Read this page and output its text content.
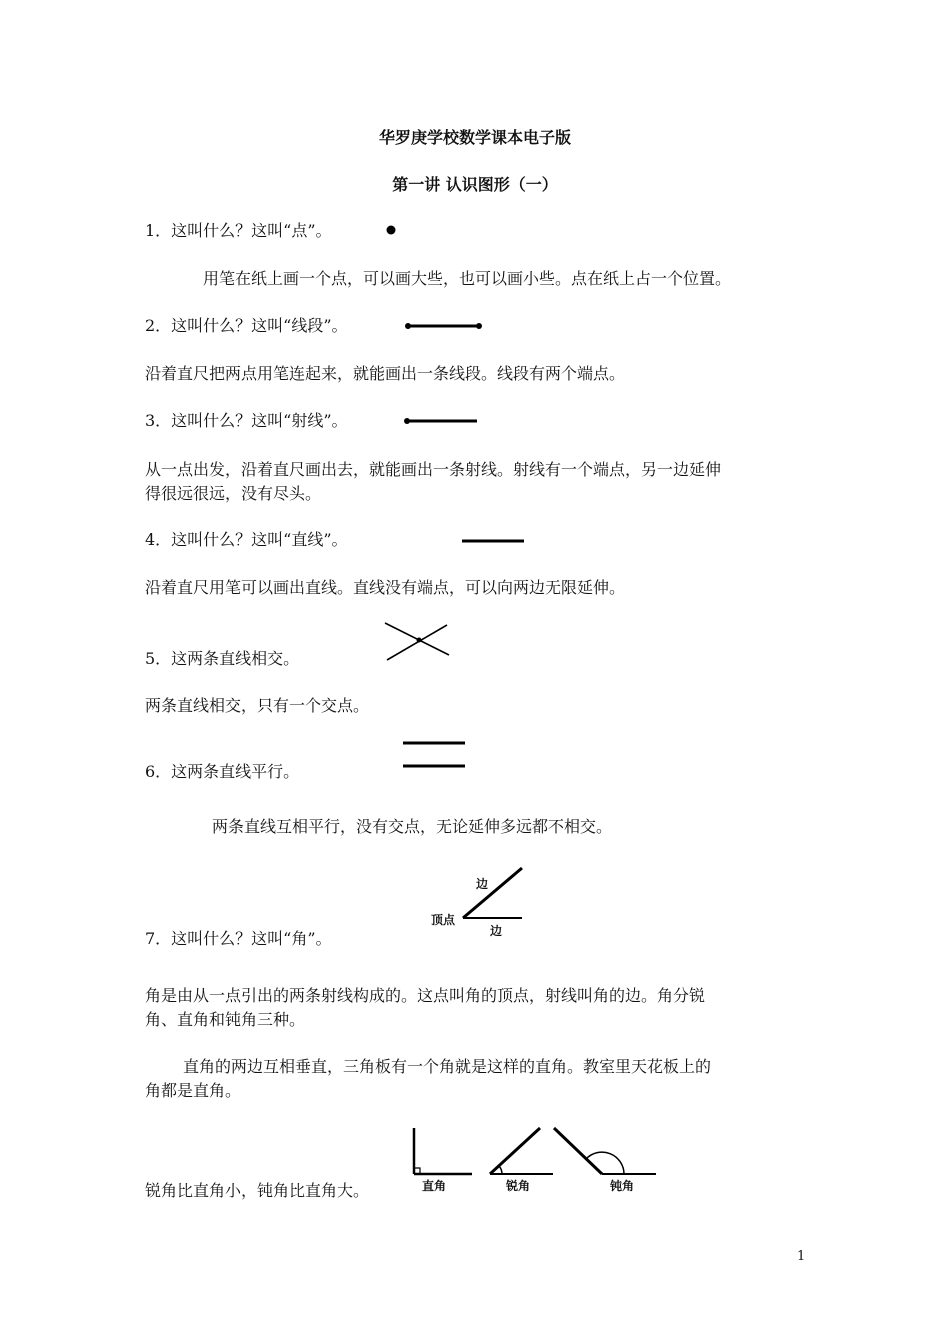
华罗庚学校数学课本电子版
第一讲 认识图形（一）
1．这叫什么？这叫“点”。
用笔在纸上画一个点，可以画大些，也可以画小些。点在纸上占一个位置。
2．这叫什么？这叫“线段”。
沿着直尺把两点用笔连起来，就能画出一条线段。线段有两个端点。
3．这叫什么？这叫“射线”。
从一点出发，沿着直尺画出去，就能画出一条射线。射线有一个端点，另一边延伸
得很远很远，没有尽头。
4．这叫什么？这叫“直线”。
沿着直尺用笔可以画出直线。直线没有端点，可以向两边无限延伸。
5．这两条直线相交。
两条直线相交，只有一个交点。
6．这两条直线平行。
两条直线互相平行，没有交点，无论延伸多远都不相交。
边
边
顶点
7．这叫什么？这叫“角”。
角是由从一点引出的两条射线构成的。这点叫角的顶点，射线叫角的边。角分锐
角、直角和钝角三种。
直角的两边互相垂直，三角板有一个角就是这样的直角。教室里天花板上的
角都是直角。
直角	锐角	钝角
锐角比直角小，钝角比直角大。
1
